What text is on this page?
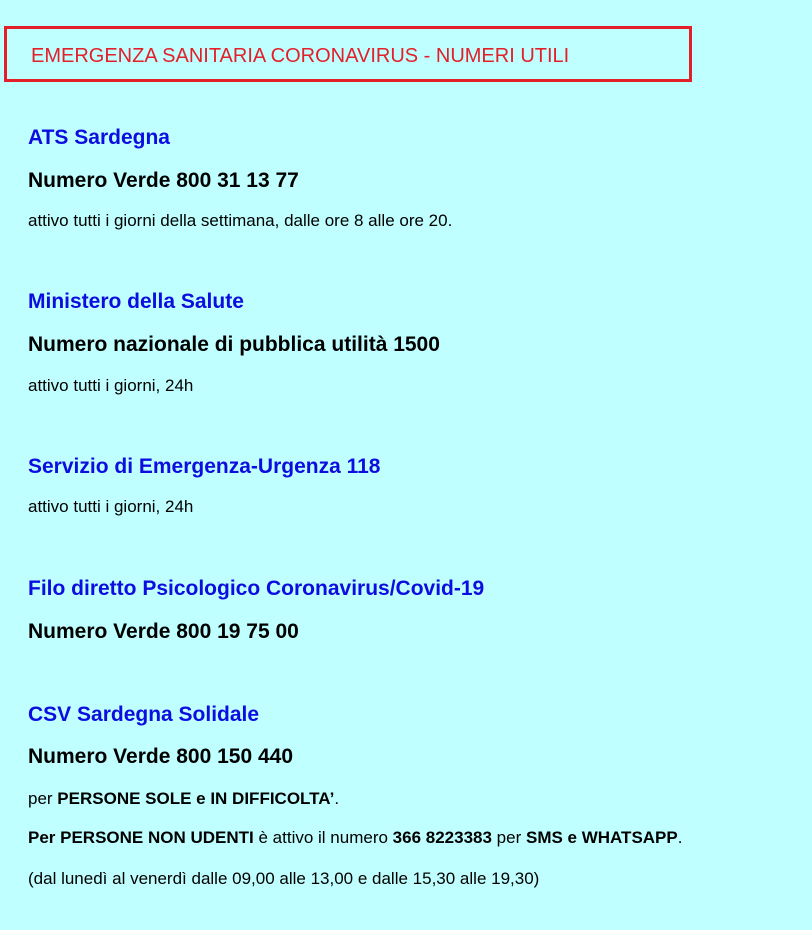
EMERGENZA SANITARIA CORONAVIRUS - NUMERI UTILI
ATS Sardegna
Numero Verde 800 31 13 77
attivo tutti i giorni della settimana, dalle ore 8 alle ore 20.
Ministero della Salute
Numero nazionale di pubblica utilità 1500
attivo tutti i giorni, 24h
Servizio di Emergenza-Urgenza 118
attivo tutti i giorni, 24h
Filo diretto Psicologico Coronavirus/Covid-19
Numero Verde 800 19 75 00
CSV Sardegna Solidale
Numero Verde 800 150 440
per PERSONE SOLE e IN DIFFICOLTA’.
Per PERSONE NON UDENTI è attivo il numero 366 8223383 per SMS e WHATSAPP.
(dal lunedì al venerdì dalle 09,00 alle 13,00 e dalle 15,30 alle 19,30)
